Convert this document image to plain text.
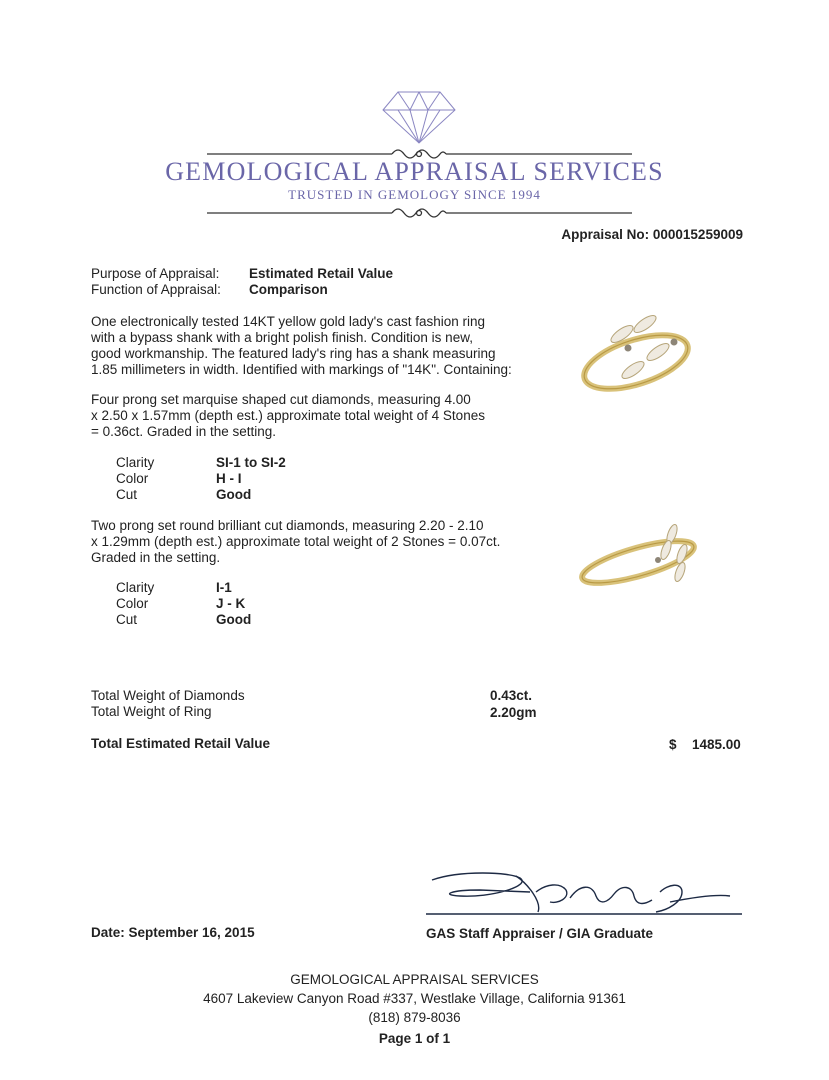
GEMOLOGICAL APPRAISAL SERVICES
TRUSTED IN GEMOLOGY SINCE 1994
Appraisal No: 000015259009
Purpose of Appraisal: Estimated Retail Value
Function of Appraisal: Comparison
One electronically tested 14KT yellow gold lady's cast fashion ring
with a bypass shank with a bright polish finish. Condition is new,
good workmanship. The featured lady's ring has a shank measuring
1.85 millimeters in width. Identified with markings of "14K". Containing:
Four prong set marquise shaped cut diamonds, measuring 4.00
x 2.50 x 1.57mm (depth est.) approximate total weight of 4 Stones
= 0.36ct. Graded in the setting.
Clarity	SI-1 to SI-2
Color	H - I
Cut	Good
Two prong set round brilliant cut diamonds, measuring 2.20 - 2.10
x 1.29mm (depth est.) approximate total weight of 2 Stones = 0.07ct.
Graded in the setting.
Clarity	I-1
Color	J - K
Cut	Good
Total Weight of Diamonds	0.43ct.
Total Weight of Ring	2.20gm
Total Estimated Retail Value	$ 1485.00
Date: September 16, 2015	GAS Staff Appraiser / GIA Graduate
GEMOLOGICAL APPRAISAL SERVICES
4607 Lakeview Canyon Road #337, Westlake Village, California 91361
(818) 879-8036
Page 1 of 1
